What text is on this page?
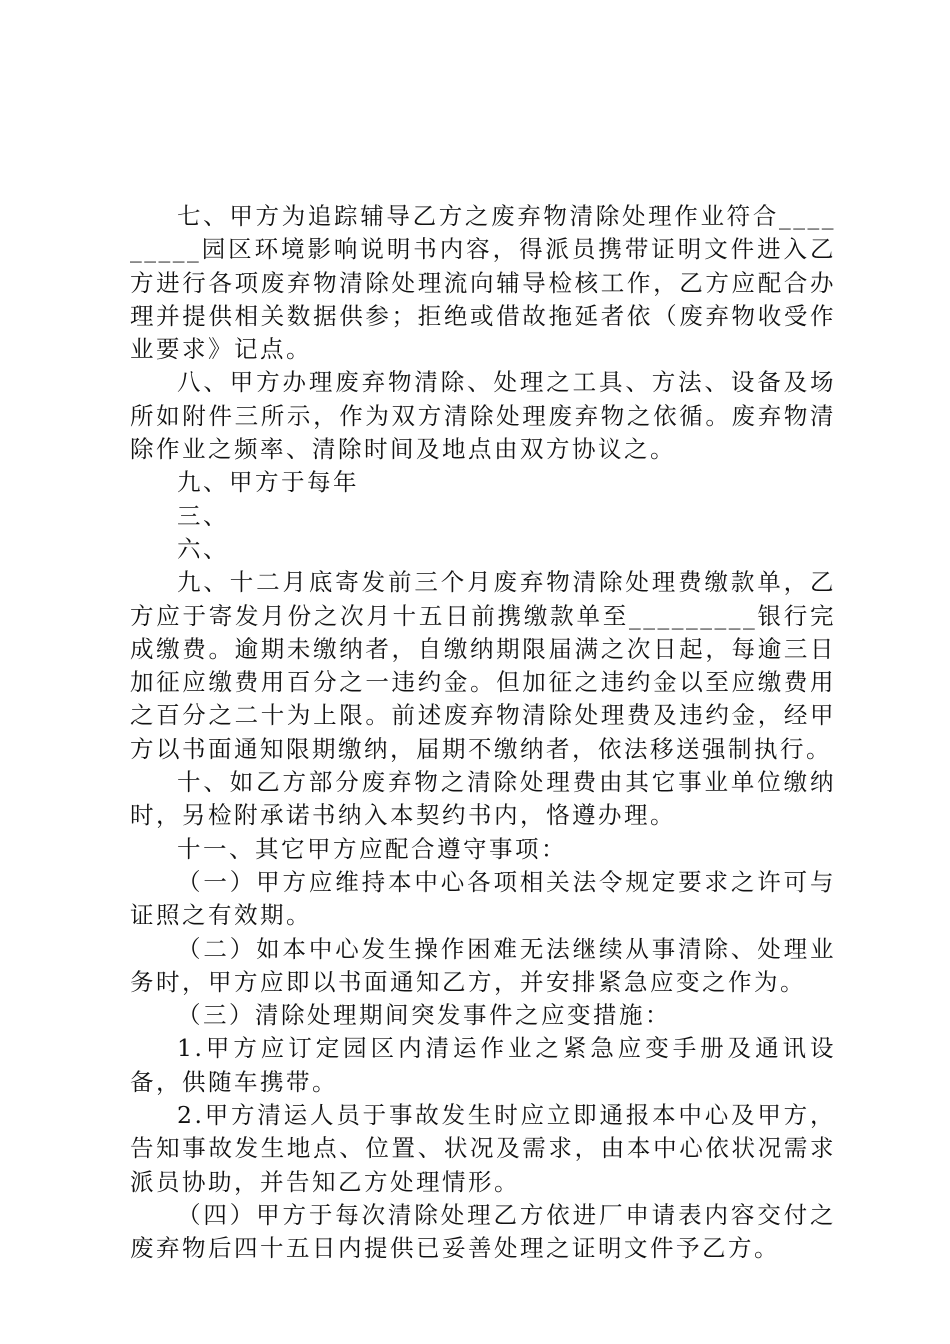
七、甲方为追踪辅导乙方之废弃物清除处理作业符合_________园区环境影响说明书内容，得派员携带证明文件进入乙方进行各项废弃物清除处理流向辅导检核工作，乙方应配合办理并提供相关数据供参；拒绝或借故拖延者依（废弃物收受作业要求》记点。

八、甲方办理废弃物清除、处理之工具、方法、设备及场所如附件三所示，作为双方清除处理废弃物之依循。废弃物清除作业之频率、清除时间及地点由双方协议之。

九、甲方于每年

三、

六、

九、十二月底寄发前三个月废弃物清除处理费缴款单，乙方应于寄发月份之次月十五日前携缴款单至_________银行完成缴费。逾期未缴纳者，自缴纳期限届满之次日起，每逾三日加征应缴费用百分之一违约金。但加征之违约金以至应缴费用之百分之二十为上限。前述废弃物清除处理费及违约金，经甲方以书面通知限期缴纳，届期不缴纳者，依法移送强制执行。

十、如乙方部分废弃物之清除处理费由其它事业单位缴纳时，另检附承诺书纳入本契约书内，恪遵办理。

十一、其它甲方应配合遵守事项：

（一）甲方应维持本中心各项相关法令规定要求之许可与证照之有效期。

（二）如本中心发生操作困难无法继续从事清除、处理业务时，甲方应即以书面通知乙方，并安排紧急应变之作为。

（三）清除处理期间突发事件之应变措施：

1.甲方应订定园区内清运作业之紧急应变手册及通讯设备，供随车携带。

2.甲方清运人员于事故发生时应立即通报本中心及甲方，告知事故发生地点、位置、状况及需求，由本中心依状况需求派员协助，并告知乙方处理情形。

（四）甲方于每次清除处理乙方依进厂申请表内容交付之废弃物后四十五日内提供已妥善处理之证明文件予乙方。
